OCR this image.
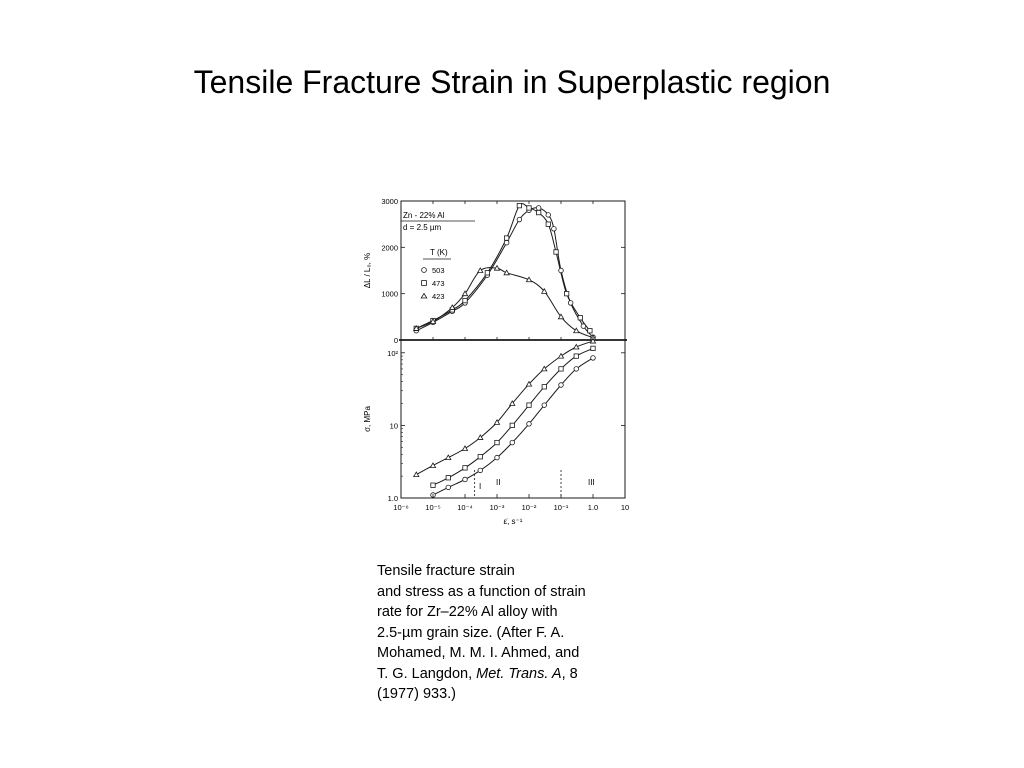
Tensile Fracture Strain in Superplastic region
0
1000
2000
3000
1.0
10
10²
10⁻⁶ 10⁻⁵ 10⁻⁴ 10⁻³ 10⁻² 10⁻¹	1.0	10
ΔL / L₀, %
σ, MPa
ε̇, s⁻¹
Zn - 22% Al
d = 2.5 µm
T (K)
503
473
423
I II	III
Tensile fracture strain
and stress as a function of strain
rate for Zr–22% Al alloy with
2.5-µm grain size. (After F. A.
Mohamed, M. M. I. Ahmed, and
T. G. Langdon, Met. Trans. A, 8
(1977) 933.)
